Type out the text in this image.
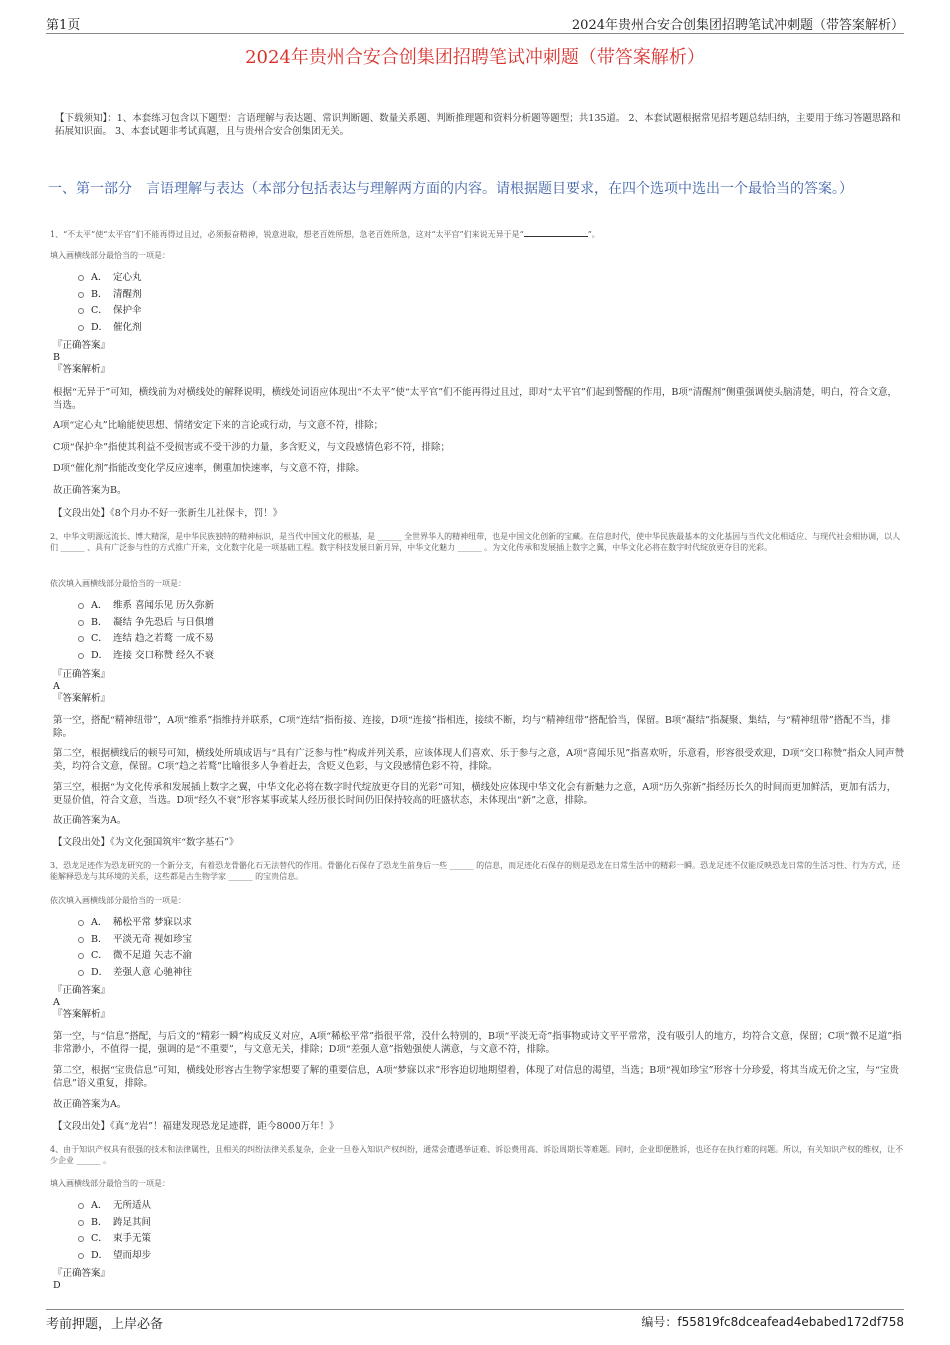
第1页	2024年贵州合安合创集团招聘笔试冲刺题（带答案解析）
2024年贵州合安合创集团招聘笔试冲刺题（带答案解析）
【下载须知】：1、本套练习包含以下题型：言语理解与表达题、常识判断题、数量关系题、判断推理题和资料分析题等题型；共135道。 2、本套试题根据常见招考题总结归纳，主要用于练习答题思路和拓展知识面。 3、本套试题非考试真题，且与贵州合安合创集团无关。
一、第一部分　言语理解与表达（本部分包括表达与理解两方面的内容。请根据题目要求，在四个选项中选出一个最恰当的答案。）
1、“不太平”使“太平官”们不能再得过且过，必须振奋精神，锐意进取，想老百姓所想，急老百姓所急，这对“太平官”们来说无异于是“	”。
填入画横线部分最恰当的一项是：
A． 定心丸
B． 清醒剂
C． 保护伞
D． 催化剂
『正确答案』
B
『答案解析』
根据“无异于”可知，横线前为对横线处的解释说明，横线处词语应体现出“不太平”使“太平官”们不能再得过且过，即对“太平官”们起到警醒的作用，B项“清醒剂”侧重强调使头脑清楚，明白，符合文意，当选。
A项“定心丸”比喻能使思想、情绪安定下来的言论或行动，与文意不符，排除；
C项“保护伞”指使其利益不受损害或不受干涉的力量，多含贬义，与文段感情色彩不符，排除；
D项“催化剂”指能改变化学反应速率，侧重加快速率，与文意不符，排除。
故正确答案为B。
【文段出处】《8个月办不好一张新生儿社保卡，罚！》
2、中华文明源远流长、博大精深，是中华民族独特的精神标识，是当代中国文化的根基，是 ______ 全世界华人的精神纽带，也是中国文化创新的宝藏。在信息时代，使中华民族最基本的文化基因与当代文化相适应、与现代社会相协调，以人们 ______ 、具有广泛参与性的方式推广开来，文化数字化是一项基础工程。数字科技发展日新月异，中华文化魅力 ______ 。为文化传承和发展插上数字之翼，中华文化必将在数字时代绽放更夺目的光彩。
依次填入画横线部分最恰当的一项是：
A． 维系 喜闻乐见 历久弥新
B． 凝结 争先恐后 与日俱增
C． 连结 趋之若鹜 一成不易
D． 连接 交口称赞 经久不衰
『正确答案』
A
『答案解析』
第一空，搭配“精神纽带”，A项“维系”指维持并联系，C项“连结”指衔接、连接，D项“连接”指相连，接续不断，均与“精神纽带”搭配恰当，保留。B项“凝结”指凝聚、集结，与“精神纽带”搭配不当，排除。
第二空，根据横线后的顿号可知，横线处所填成语与“具有广泛参与性”构成并列关系，应该体现人们喜欢、乐于参与之意，A项“喜闻乐见”指喜欢听，乐意看，形容很受欢迎，D项“交口称赞”指众人同声赞美，均符合文意，保留。C项“趋之若鹜”比喻很多人争着赶去，含贬义色彩，与文段感情色彩不符，排除。
第三空，根据“为文化传承和发展插上数字之翼，中华文化必将在数字时代绽放更夺目的光彩”可知，横线处应体现中华文化会有新魅力之意，A项“历久弥新”指经历长久的时间而更加鲜活，更加有活力，更显价值，符合文意，当选。D项“经久不衰”形容某事或某人经历很长时间仍旧保持较高的旺盛状态，未体现出“新”之意，排除。
故正确答案为A。
【文段出处】《为文化强国筑牢“数字基石”》
3、恐龙足迹作为恐龙研究的一个新分支，有着恐龙骨骼化石无法替代的作用。骨骼化石保存了恐龙生前身后一些 ______ 的信息，而足迹化石保存的则是恐龙在日常生活中的精彩一瞬。恐龙足迹不仅能反映恐龙日常的生活习性、行为方式，还能解释恐龙与其环境的关系，这些都是古生物学家 ______ 的宝贵信息。
依次填入画横线部分最恰当的一项是：
A． 稀松平常 梦寐以求
B． 平淡无奇 视如珍宝
C． 微不足道 矢志不渝
D． 差强人意 心驰神往
『正确答案』
A
『答案解析』
第一空，与“信息”搭配，与后文的“精彩一瞬”构成反义对应，A项“稀松平常”指很平常，没什么特别的，B项“平淡无奇”指事物或诗文平平常常，没有吸引人的地方，均符合文意，保留；C项“微不足道”指非常渺小，不值得一提，强调的是“不重要”，与文意无关，排除；D项“差强人意”指勉强使人满意，与文意不符，排除。
第二空，根据“宝贵信息”可知，横线处形容古生物学家想要了解的重要信息，A项“梦寐以求”形容迫切地期望着，体现了对信息的渴望，当选；B项“视如珍宝”形容十分珍爱，将其当成无价之宝，与“宝贵信息”语义重复，排除。
故正确答案为A。
【文段出处】《真“龙岩”！福建发现恐龙足迹群，距今8000万年！》
4、由于知识产权具有很强的技术和法律属性，且相关的纠纷法律关系复杂，企业一旦卷入知识产权纠纷，通常会遭遇举证难、诉讼费用高、诉讼周期长等难题。同时，企业即便胜诉，也还存在执行难的问题。所以，有关知识产权的维权，让不少企业 ______ 。
填入画横线部分最恰当的一项是：
A． 无所适从
B． 踌足其间
C． 束手无策
D． 望而却步
『正确答案』
D
考前押题，上岸必备	编号：f55819fc8dceafead4ebabed172df758
